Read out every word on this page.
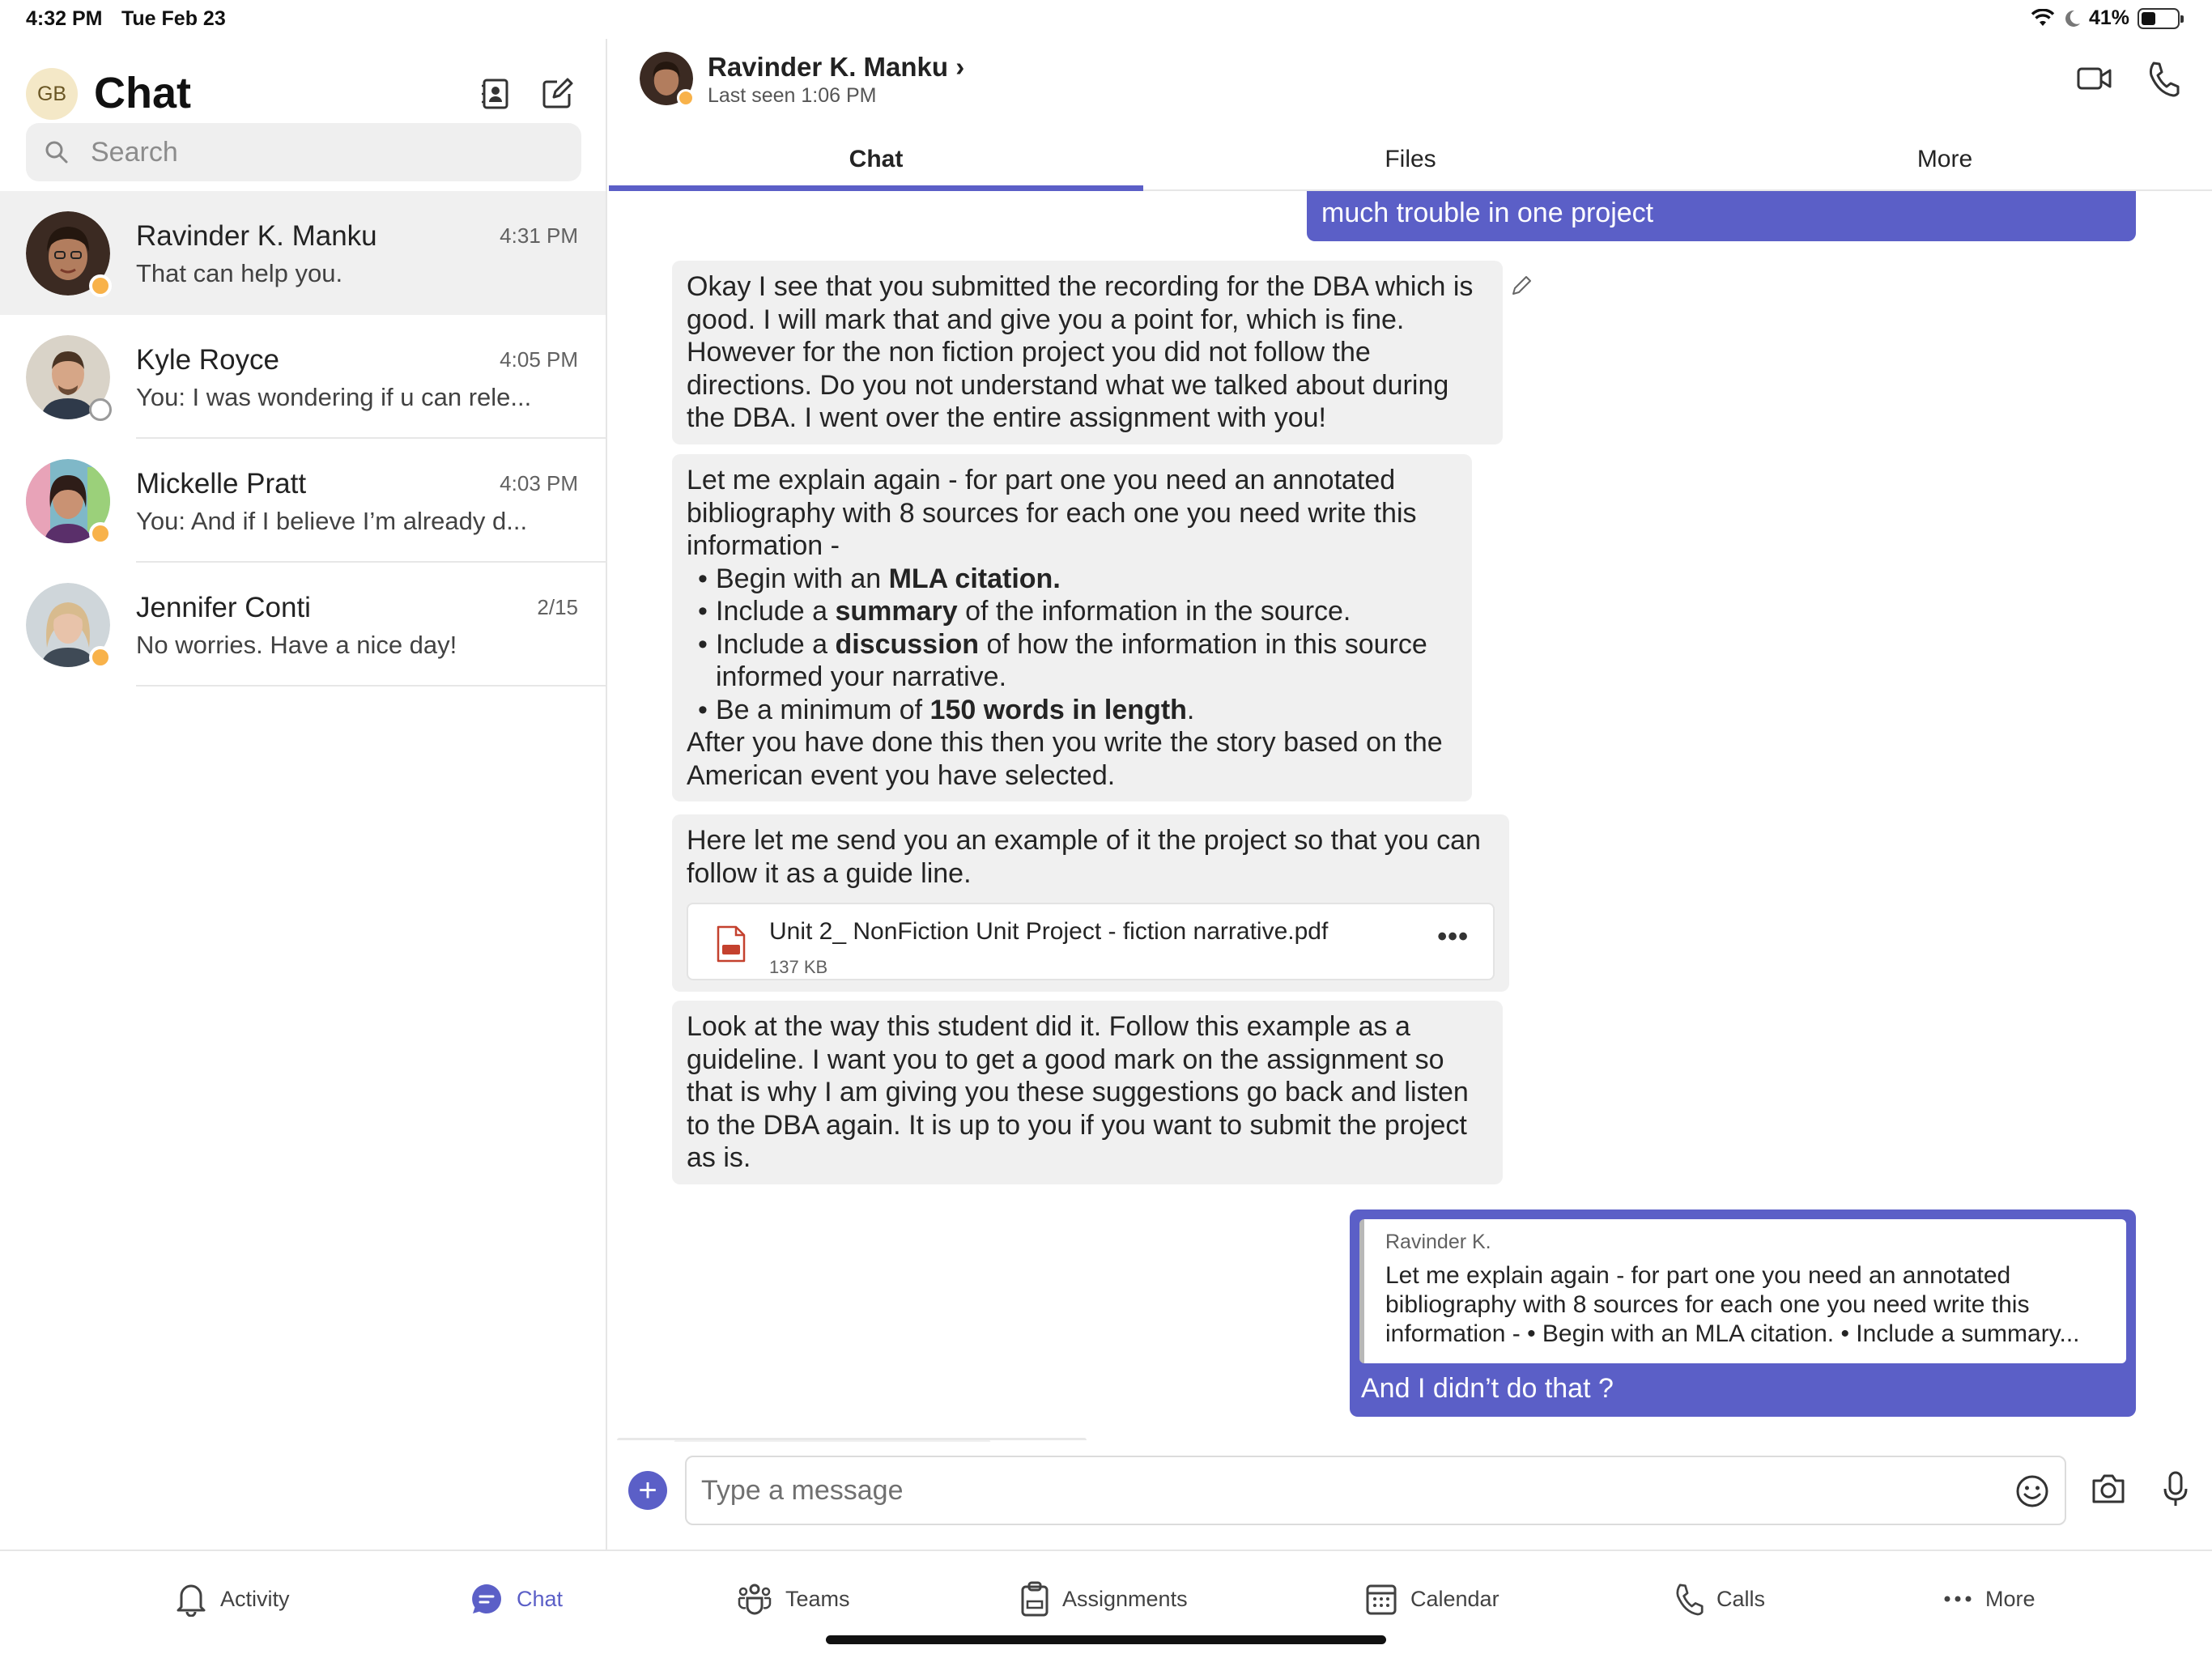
4:32 PM Tue Feb 23	41%
GB Chat
Search
Ravinder K. Manku	4:31 PM
That can help you.
Kyle Royce	4:05 PM
You: I was wondering if u can rele...
Mickelle Pratt	4:03 PM
You: And if I believe I’m already d...
Jennifer Conti	2/15
No worries. Have a nice day!
Ravinder K. Manku ›
Last seen 1:06 PM
Chat	Files	More
much trouble in one project
Okay I see that you submitted the recording for the DBA which is good. I will mark that and give you a point for, which is fine. However for the non fiction project you did not follow the directions. Do you not understand what we talked about during the DBA. I went over the entire assignment with you!
Let me explain again - for part one you need an annotated bibliography with 8 sources for each one you need write this information -
• Begin with an MLA citation.
• Include a summary of the information in the source.
• Include a discussion of how the information in this source informed your narrative.
• Be a minimum of 150 words in length.
After you have done this then you write the story based on the American event you have selected.
Here let me send you an example of it the project so that you can follow it as a guide line.
Unit 2_ NonFiction Unit Project - fiction narrative.pdf
137 KB
•••
Look at the way this student did it. Follow this example as a guideline. I want you to get a good mark on the assignment so that is why I am giving you these suggestions go back and listen to the DBA again. It is up to you if you want to submit the project as is.
Ravinder K.
Let me explain again - for part one you need an annotated bibliography with 8 sources for each one you need write this information - • Begin with an MLA citation. • Include a summary...
And I didn’t do that ?
+
Type a message
Activity	Chat	Teams	Assignments	Calendar	Calls	More
